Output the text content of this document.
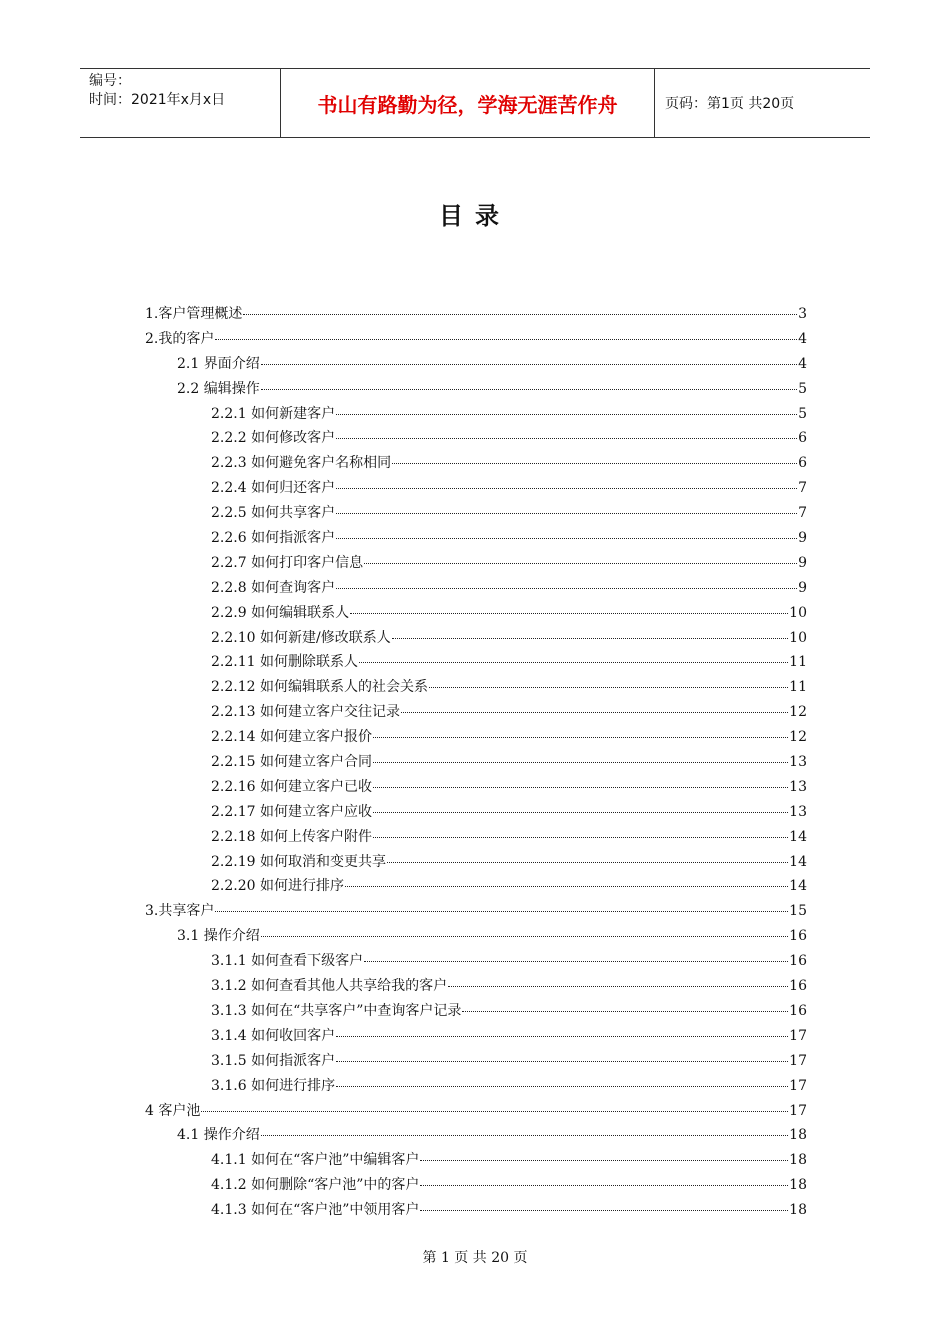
编号：
时间：2021年x月x日	书山有路勤为径，学海无涯苦作舟	页码：第1页 共20页
目录
1.客户管理概述	3
2.我的客户	4
2.1 界面介绍	4
2.2 编辑操作	5
2.2.1 如何新建客户	5
2.2.2 如何修改客户	6
2.2.3 如何避免客户名称相同	6
2.2.4 如何归还客户	7
2.2.5 如何共享客户	7
2.2.6 如何指派客户	9
2.2.7 如何打印客户信息	9
2.2.8 如何查询客户	9
2.2.9 如何编辑联系人	10
2.2.10 如何新建/修改联系人	10
2.2.11 如何删除联系人	11
2.2.12 如何编辑联系人的社会关系	11
2.2.13 如何建立客户交往记录	12
2.2.14 如何建立客户报价	12
2.2.15 如何建立客户合同	13
2.2.16 如何建立客户已收	13
2.2.17 如何建立客户应收	13
2.2.18 如何上传客户附件	14
2.2.19 如何取消和变更共享	14
2.2.20 如何进行排序	14
3.共享客户	15
3.1 操作介绍	16
3.1.1 如何查看下级客户	16
3.1.2 如何查看其他人共享给我的客户	16
3.1.3 如何在“共享客户”中查询客户记录	16
3.1.4 如何收回客户	17
3.1.5 如何指派客户	17
3.1.6 如何进行排序	17
4 客户池	17
4.1 操作介绍	18
4.1.1 如何在“客户池”中编辑客户	18
4.1.2 如何删除“客户池”中的客户	18
4.1.3 如何在“客户池”中领用客户	18
第 1 页 共 20 页
